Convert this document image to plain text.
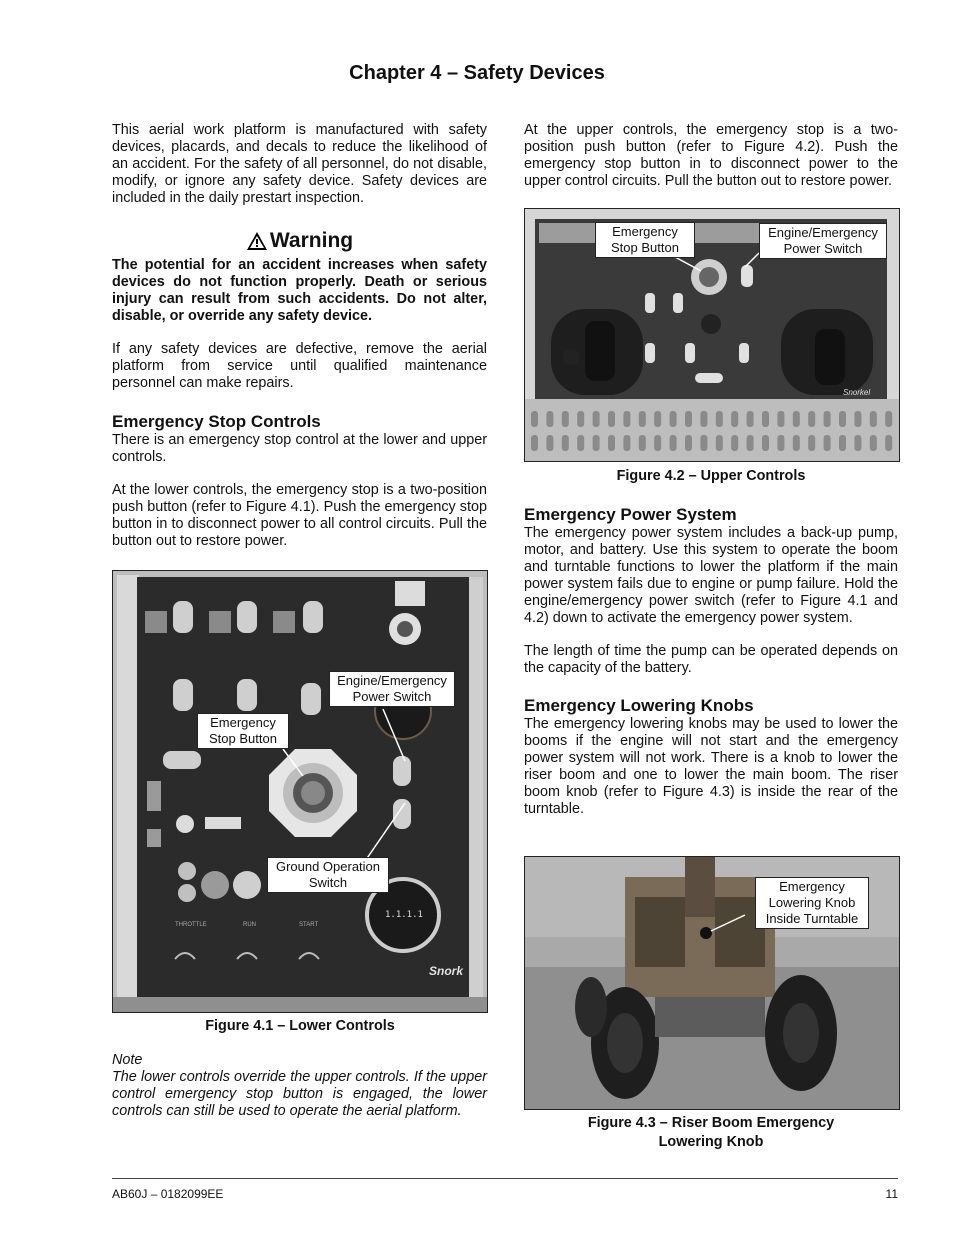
Chapter 4 – Safety Devices

This aerial work platform is manufactured with safety devices, placards, and decals to reduce the likelihood of an accident. For the safety of all personnel, do not disable, modify, or ignore any safety device. Safety devices are included in the daily prestart inspection.

Warning

The potential for an accident increases when safety devices do not function properly. Death or serious injury can result from such accidents. Do not alter, disable, or override any safety device.

If any safety devices are defective, remove the aerial platform from service until qualified maintenance personnel can make repairs.

Emergency Stop Controls

There is an emergency stop control at the lower and upper controls.

At the lower controls, the emergency stop is a two-position push button (refer to Figure 4.1). Push the emergency stop button in to disconnect power to all control circuits. Pull the button out to restore power.

1.1.1.1
THROTTLE	RUN	START
Snork
Engine/Emergency
Power Switch
Emergency
Stop Button
Ground Operation
Switch
Figure 4.1 – Lower Controls
Note

The lower controls override the upper controls. If the upper control emergency stop button is engaged, the lower controls can still be used to operate the aerial platform.

At the upper controls, the emergency stop is a two-position push button (refer to Figure 4.2). Push the emergency stop button in to disconnect power to the upper control circuits. Pull the button out to restore power.

Snorkel
Emergency
Stop Button
Engine/Emergency
Power Switch
Figure 4.2 – Upper Controls
Emergency Power System

The emergency power system includes a back-up pump, motor, and battery. Use this system to operate the boom and turntable functions to lower the platform if the main power system fails due to engine or pump failure. Hold the engine/emergency power switch (refer to Figure 4.1 and 4.2) down to activate the emergency power system.

The length of time the pump can be operated depends on the capacity of the battery.

Emergency Lowering Knobs

The emergency lowering knobs may be used to lower the booms if the engine will not start and the emergency power system will not work. There is a knob to lower the riser boom and one to lower the main boom. The riser boom knob (refer to Figure 4.3) is inside the rear of the turntable.

Emergency
Lowering Knob
Inside Turntable
Figure 4.3 – Riser Boom Emergency
Lowering Knob
AB60J – 0182099EE	11
